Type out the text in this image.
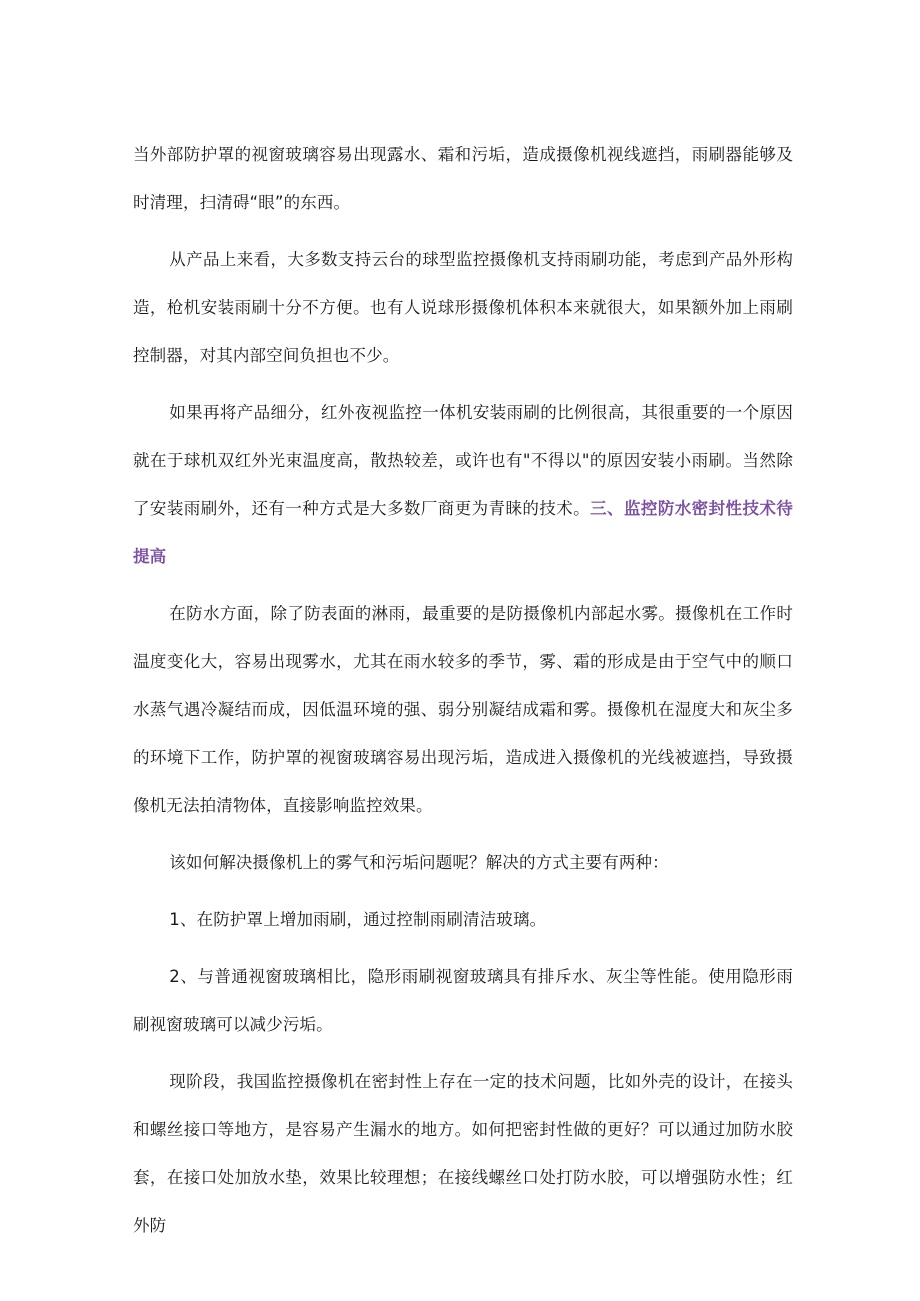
当外部防护罩的视窗玻璃容易出现露水、霜和污垢，造成摄像机视线遮挡，雨刷器能够及时清理，扫清碍“眼”的东西。

从产品上来看，大多数支持云台的球型监控摄像机支持雨刷功能，考虑到产品外形构造，枪机安装雨刷十分不方便。也有人说球形摄像机体积本来就很大，如果额外加上雨刷控制器，对其内部空间负担也不少。

如果再将产品细分，红外夜视监控一体机安装雨刷的比例很高，其很重要的一个原因就在于球机双红外光束温度高，散热较差，或许也有"不得以"的原因安装小雨刷。当然除了安装雨刷外，还有一种方式是大多数厂商更为青睐的技术。三、监控防水密封性技术待提高

在防水方面，除了防表面的淋雨，最重要的是防摄像机内部起水雾。摄像机在工作时温度变化大，容易出现雾水，尤其在雨水较多的季节，雾、霜的形成是由于空气中的顺口水蒸气遇冷凝结而成，因低温环境的强、弱分别凝结成霜和雾。摄像机在湿度大和灰尘多的环境下工作，防护罩的视窗玻璃容易出现污垢，造成进入摄像机的光线被遮挡，导致摄像机无法拍清物体，直接影响监控效果。

该如何解决摄像机上的雾气和污垢问题呢？解决的方式主要有两种：

1、在防护罩上增加雨刷，通过控制雨刷清洁玻璃。

2、与普通视窗玻璃相比，隐形雨刷视窗玻璃具有排斥水、灰尘等性能。使用隐形雨刷视窗玻璃可以减少污垢。

现阶段，我国监控摄像机在密封性上存在一定的技术问题，比如外壳的设计，在接头和螺丝接口等地方，是容易产生漏水的地方。如何把密封性做的更好？可以通过加防水胶套，在接口处加放水垫，效果比较理想；在接线螺丝口处打防水胶，可以增强防水性；红外防
